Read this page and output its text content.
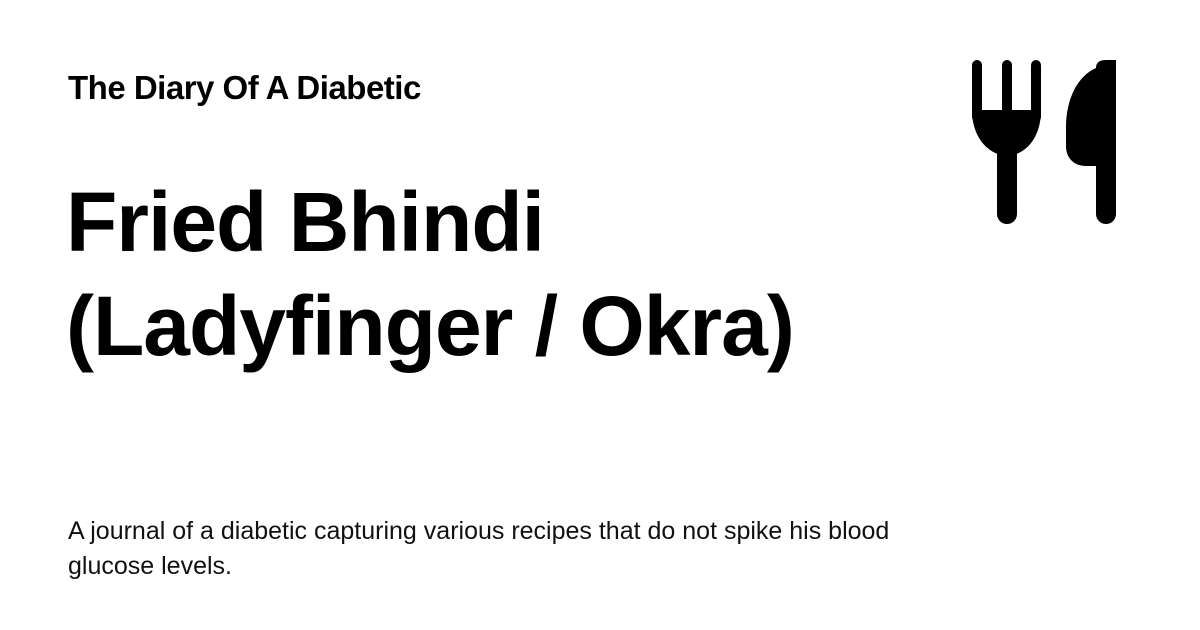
The Diary Of A Diabetic
Fried Bhindi
(Ladyfinger / Okra)

A journal of a diabetic capturing various recipes that do not spike his blood glucose levels.
